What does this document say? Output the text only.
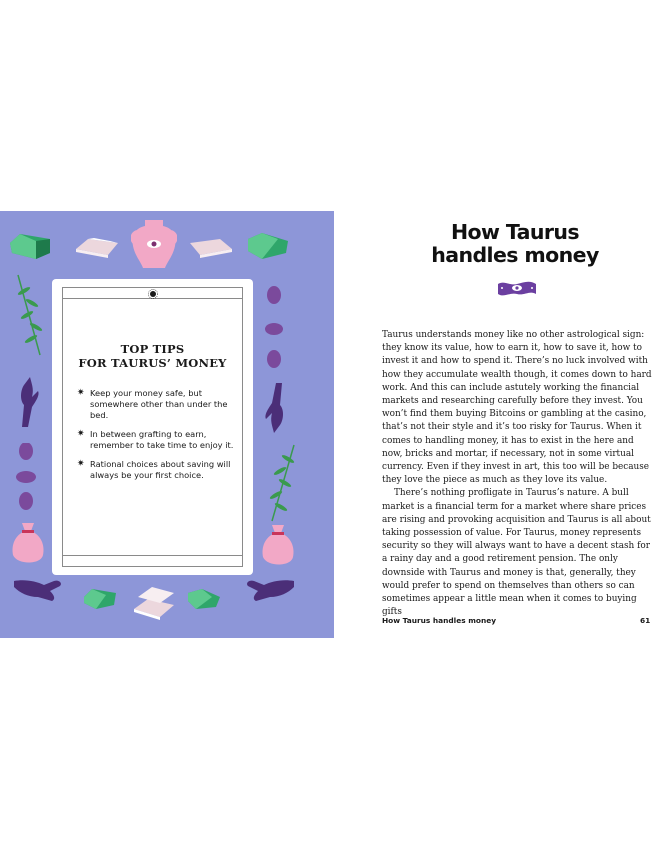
TOP TIPS
FOR TAURUS’ MONEY
✷ Keep your money safe, but somewhere other than under the bed.
✷ In between grafting to earn, remember to take time to enjoy it.
✷ Rational choices about saving will always be your first choice.
How Taurus
handles money

Taurus understands money like no other astrological sign: they know its value, how to earn it, how to save it, how to invest it and how to spend it. There’s no luck involved with how they accumulate wealth though, it comes down to hard work. And this can include astutely working the financial markets and researching carefully before they invest. You won’t find them buying Bitcoins or gambling at the casino, that’s not their style and it’s too risky for Taurus. When it comes to handling money, it has to exist in the here and now, bricks and mortar, if necessary, not in some virtual currency. Even if they invest in art, this too will be because they love the piece as much as they love its value.

There’s nothing profligate in Taurus’s nature. A bull market is a financial term for a market where share prices are rising and provoking acquisition and Taurus is all about taking possession of value. For Taurus, money represents security so they will always want to have a decent stash for a rainy day and a good retirement pension. The only downside with Taurus and money is that, generally, they would prefer to spend on themselves than others so can sometimes appear a little mean when it comes to buying gifts

How Taurus handles money	61
